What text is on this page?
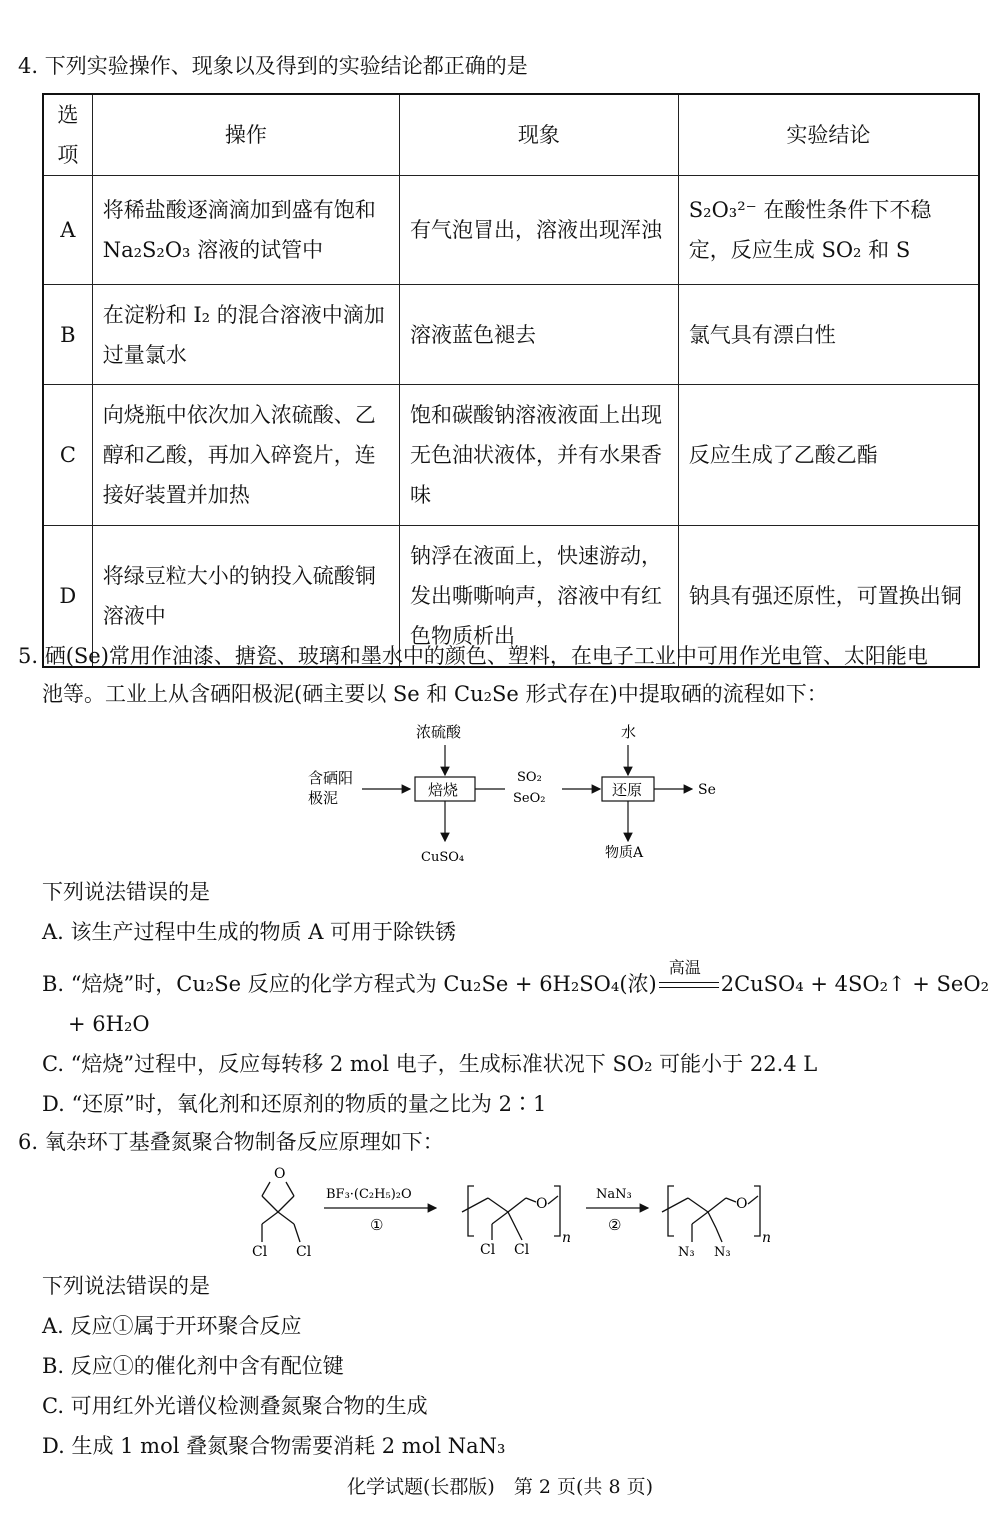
4. 下列实验操作、现象以及得到的实验结论都正确的是
选项	操作	现象	实验结论
A	将稀盐酸逐滴滴加到盛有饱和 Na₂S₂O₃ 溶液的试管中	有气泡冒出，溶液出现浑浊	S₂O₃²⁻ 在酸性条件下不稳定，反应生成 SO₂ 和 S
B	在淀粉和 I₂ 的混合溶液中滴加过量氯水	溶液蓝色褪去	氯气具有漂白性
C	向烧瓶中依次加入浓硫酸、乙醇和乙酸，再加入碎瓷片，连接好装置并加热	饱和碳酸钠溶液液面上出现无色油状液体，并有水果香味	反应生成了乙酸乙酯
D	将绿豆粒大小的钠投入硫酸铜溶液中	钠浮在液面上，快速游动，发出嘶嘶响声，溶液中有红色物质析出	钠具有强还原性，可置换出铜
5. 硒(Se)常用作油漆、搪瓷、玻璃和墨水中的颜色、塑料，在电子工业中可用作光电管、太阳能电
池等。工业上从含硒阳极泥(硒主要以 Se 和 Cu₂Se 形式存在)中提取硒的流程如下：
含硒阳
极泥
浓硫酸
焙烧
CuSO₄
SO₂
SeO₂
水
还原	Se
物质A
下列说法错误的是
A. 该生产过程中生成的物质 A 可用于除铁锈
B. “焙烧”时，Cu₂Se 反应的化学方程式为 Cu₂Se + 6H₂SO₄(浓)
高温
2CuSO₄ + 4SO₂↑ + SeO₂
+ 6H₂O
C. “焙烧”过程中，反应每转移 2 mol 电子，生成标准状况下 SO₂ 可能小于 22.4 L
D. “还原”时，氧化剂和还原剂的物质的量之比为 2∶1
6. 氧杂环丁基叠氮聚合物制备反应原理如下：
O
Cl Cl
BF₃·(C₂H₅)₂O
①
O
n
Cl Cl
NaN₃
②
O
n
N₃ N₃
下列说法错误的是
A. 反应①属于开环聚合反应
B. 反应①的催化剂中含有配位键
C. 可用红外光谱仪检测叠氮聚合物的生成
D. 生成 1 mol 叠氮聚合物需要消耗 2 mol NaN₃
化学试题(长郡版)　第 2 页(共 8 页)
